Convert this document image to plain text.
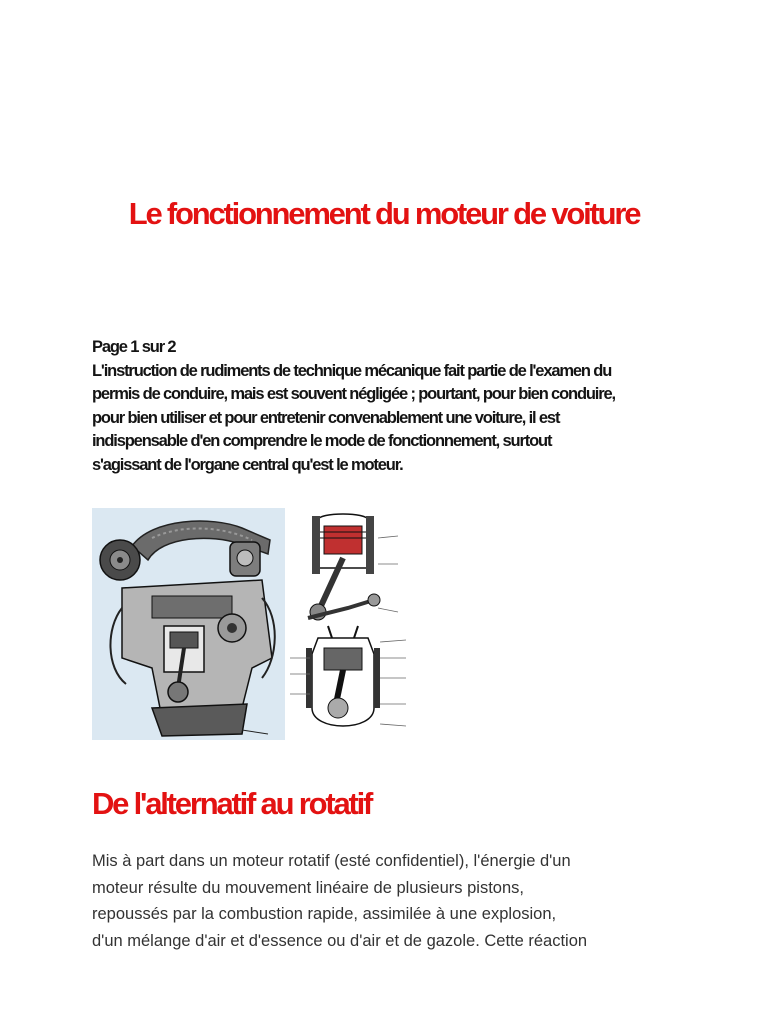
Le fonctionnement du moteur de voiture
Page 1 sur 2
L'instruction de rudiments de technique mécanique fait partie de l'examen du
permis de conduire, mais est souvent négligée ; pourtant, pour bien conduire,
pour bien utiliser et pour entretenir convenablement une voiture, il est
indispensable d'en comprendre le mode de fonctionnement, surtout
s'agissant de l'organe central qu'est le moteur.
De l'alternatif au rotatif
Mis à part dans un moteur rotatif (esté confidentiel), l'énergie d'un
moteur résulte du mouvement linéaire de plusieurs pistons,
repoussés par la combustion rapide, assimilée à une explosion,
d'un mélange d'air et d'essence ou d'air et de gazole. Cette réaction
